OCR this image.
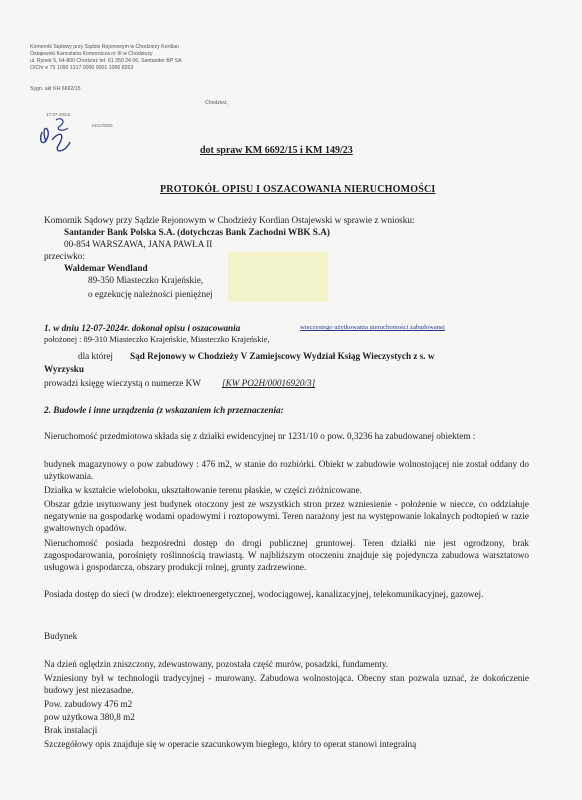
Komornik Sądowy przy Sądzie Rejonowym w Chodzieży Kordian
Ostajewski Kancelaria Komornicza nr III w Chodzieży
ul. Rynek 5, 64-800 Chodzież tel. 61 350 24 06, Santander BP SA
O/Chr e 75 1090 1317 0000 0001 1066 8263
Sygn. akt KH 6692/15
Chodzież,
17-07-2024r.
KKC/0000
dot spraw KM 6692/15 i KM 149/23
PROTOKÓŁ OPISU I OSZACOWANIA NIERUCHOMOŚCI
Komornik Sądowy przy Sądzie Rejonowym w Chodzieży Kordian Ostajewski w sprawie z wniosku:
Santander Bank Polska S.A. (dotychczas Bank Zachodni WBK S.A)
00-854 WARSZAWA, JANA PAWŁA II
przeciwko:
Waldemar Wendland
89-350 Miasteczko Krajeńskie,
o egzekucję należności pieniężnej
1. w dniu 12-07-2024r. dokonał opisu i oszacowania	wieczystego użytkowania nieruchomości zabudowanej
położonej : 89-310 Miasteczko Krajeńskie, Miasteczko Krajeńskie,
dla której Sąd Rejonowy w Chodzieży V Zamiejscowy Wydział Ksiąg Wieczystych z s. w
Wyrzysku
prowadzi księgę wieczystą o numerze KW [KW PO2H/00016920/3]
2. Budowle i inne urządzenia (z wskazaniem ich przeznaczenia:
Nieruchomość przedmiotowa składa się z działki ewidencyjnej nr 1231/10 o pow. 0,3236 ha zabudowanej obiektem :
budynek magazynowy o pow zabudowy : 476 m2, w stanie do rozbiórki. Obiekt w zabudowie wolnostojącej nie został oddany do użytkowania.
Działka w kształcie wieloboku, ukształtowanie terenu płaskie, w części zróżnicowane.
Obszar gdzie usytuowany jest budynek otoczony jest ze wszystkich stron przez wzniesienie - położenie w niecce, co oddziałuje negatywnie na gospodarkę wodami opadowymi i roztopowymi. Teren narażony jest na występowanie lokalnych podtopień w razie gwałtownych opadów.
Nieruchomość posiada bezpośredni dostęp do drogi publicznej gruntowej. Teren działki nie jest ogrodzony, brak zagospodarowania, porośnięty roślinnością trawiastą. W najbliższym otoczeniu znajduje się pojedyncza zabudowa warsztatowo usługowa i gospodarcza, obszary produkcji rolnej, grunty zadrzewione.
Posiada dostęp do sieci (w drodze): elektroenergetycznej, wodociągowej, kanalizacyjnej, telekomunikacyjnej, gazowej.
Budynek
Na dzień oględzin zniszczony, zdewastowany, pozostała część murów, posadzki, fundamenty.
Wzniesiony był w technologii tradycyjnej - murowany. Zabudowa wolnostojąca. Obecny stan pozwala uznać, że dokończenie budowy jest niezasadne.
Pow. zabudowy 476 m2
pow użytkowa 380,8 m2
Brak instalacji
Szczegółowy opis znajduje się w operacie szacunkowym biegłego, który to operat stanowi integralną
